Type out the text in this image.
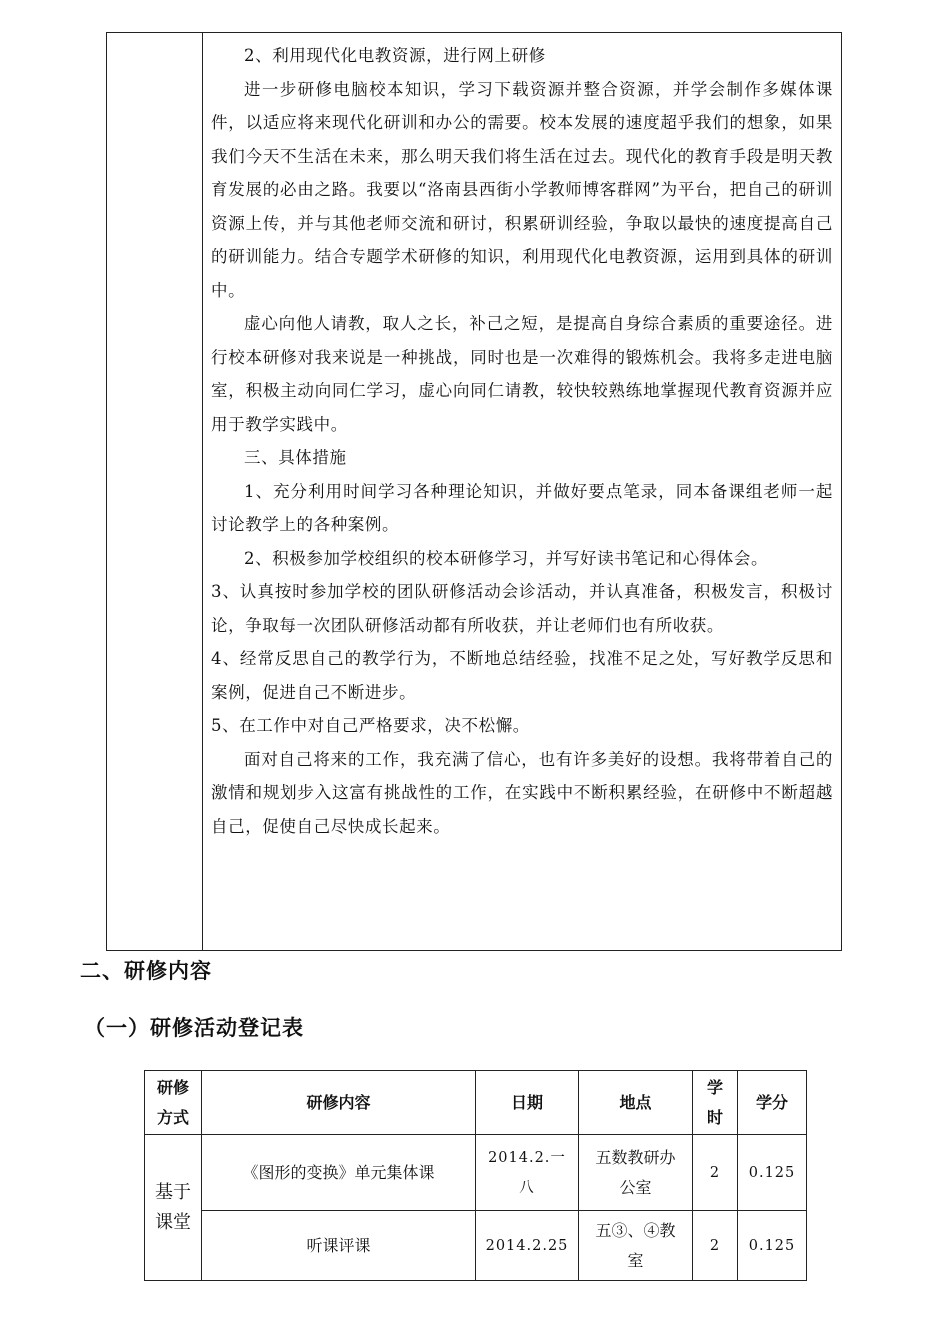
2、利用现代化电教资源，进行网上研修

进一步研修电脑校本知识，学习下载资源并整合资源，并学会制作多媒体课件，以适应将来现代化研训和办公的需要。校本发展的速度超乎我们的想象，如果我们今天不生活在未来，那么明天我们将生活在过去。现代化的教育手段是明天教育发展的必由之路。我要以“洛南县西街小学教师博客群网”为平台，把自己的研训资源上传，并与其他老师交流和研讨，积累研训经验，争取以最快的速度提高自己的研训能力。结合专题学术研修的知识，利用现代化电教资源，运用到具体的研训中。

虚心向他人请教，取人之长，补己之短，是提高自身综合素质的重要途径。进行校本研修对我来说是一种挑战，同时也是一次难得的锻炼机会。我将多走进电脑室，积极主动向同仁学习，虚心向同仁请教，较快较熟练地掌握现代教育资源并应用于教学实践中。

三、具体措施

1、充分利用时间学习各种理论知识，并做好要点笔录，同本备课组老师一起讨论教学上的各种案例。

2、积极参加学校组织的校本研修学习，并写好读书笔记和心得体会。

3、认真按时参加学校的团队研修活动会诊活动，并认真准备，积极发言，积极讨论，争取每一次团队研修活动都有所收获，并让老师们也有所收获。

4、经常反思自己的教学行为，不断地总结经验，找准不足之处，写好教学反思和案例，促进自己不断进步。

5、在工作中对自己严格要求，决不松懈。

面对自己将来的工作，我充满了信心，也有许多美好的设想。我将带着自己的激情和规划步入这富有挑战性的工作，在实践中不断积累经验，在研修中不断超越自己，促使自己尽快成长起来。

二、研修内容
（一）研修活动登记表
研修方式	研修内容	日期	地点	学时	学分
基于课堂	《图形的变换》单元集体课	2014.2.一八	五数教研办公室	2	0.125
	听课评课	2014.2.25	五③、④教室	2	0.125
